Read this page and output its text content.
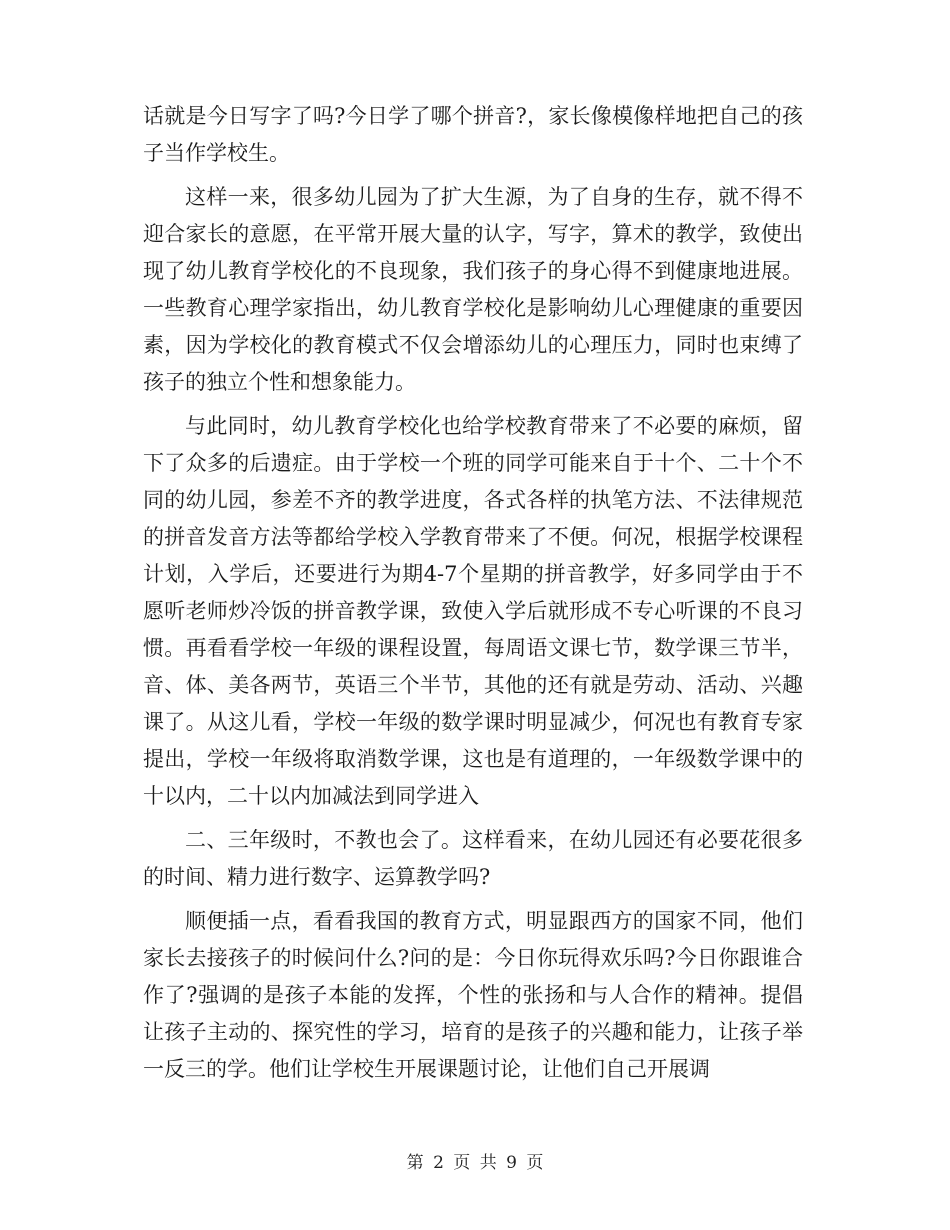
话就是今日写字了吗?今日学了哪个拼音?，家长像模像样地把自己的孩子当作学校生。

这样一来，很多幼儿园为了扩大生源，为了自身的生存，就不得不迎合家长的意愿，在平常开展大量的认字，写字，算术的教学，致使出现了幼儿教育学校化的不良现象，我们孩子的身心得不到健康地进展。一些教育心理学家指出，幼儿教育学校化是影响幼儿心理健康的重要因素，因为学校化的教育模式不仅会增添幼儿的心理压力，同时也束缚了孩子的独立个性和想象能力。

与此同时，幼儿教育学校化也给学校教育带来了不必要的麻烦，留下了众多的后遗症。由于学校一个班的同学可能来自于十个、二十个不同的幼儿园，参差不齐的教学进度，各式各样的执笔方法、不法律规范的拼音发音方法等都给学校入学教育带来了不便。何况，根据学校课程计划，入学后，还要进行为期4-7个星期的拼音教学，好多同学由于不愿听老师炒冷饭的拼音教学课，致使入学后就形成不专心听课的不良习惯。再看看学校一年级的课程设置，每周语文课七节，数学课三节半，音、体、美各两节，英语三个半节，其他的还有就是劳动、活动、兴趣课了。从这儿看，学校一年级的数学课时明显减少，何况也有教育专家提出，学校一年级将取消数学课，这也是有道理的，一年级数学课中的十以内，二十以内加减法到同学进入

二、三年级时，不教也会了。这样看来，在幼儿园还有必要花很多的时间、精力进行数字、运算教学吗?

顺便插一点，看看我国的教育方式，明显跟西方的国家不同，他们家长去接孩子的时候问什么?问的是：今日你玩得欢乐吗?今日你跟谁合作了?强调的是孩子本能的发挥，个性的张扬和与人合作的精神。提倡让孩子主动的、探究性的学习，培育的是孩子的兴趣和能力，让孩子举一反三的学。他们让学校生开展课题讨论，让他们自己开展调

第 2 页 共 9 页
